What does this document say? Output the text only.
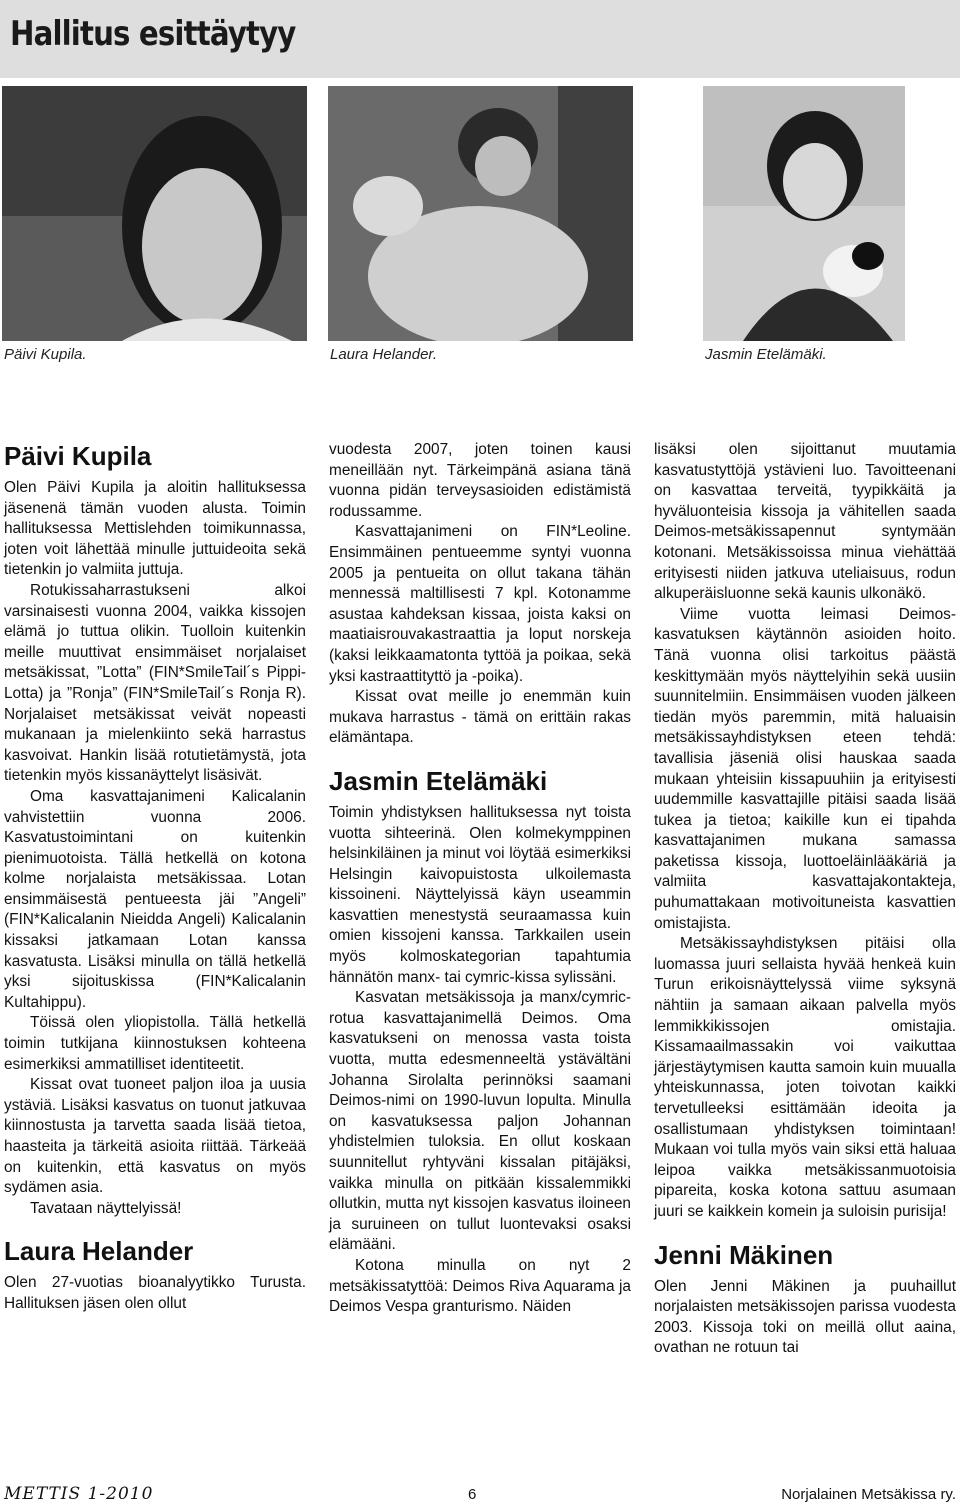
Hallitus esittäytyy
Päivi Kupila.	Laura Helander.	Jasmin Etelämäki.
Päivi Kupila

Olen Päivi Kupila ja aloitin hallituksessa jäsenenä tämän vuoden alusta. Toimin hallituksessa Mettislehden toimikunnassa, joten voit lähettää minulle juttuideoita sekä tietenkin jo valmiita juttuja.

Rotukissaharrastukseni alkoi varsinaisesti vuonna 2004, vaikka kissojen elämä jo tuttua olikin. Tuolloin kuitenkin meille muuttivat ensimmäiset norjalaiset metsäkissat, ”Lotta” (FIN*SmileTail´s Pippi-Lotta) ja ”Ronja” (FIN*SmileTail´s Ronja R). Norjalaiset metsäkissat veivät nopeasti mukanaan ja mielenkiinto sekä harrastus kasvoivat. Hankin lisää rotutietämystä, jota tietenkin myös kissanäyttelyt lisäsivät.

Oma kasvattajanimeni Kalicalanin vahvistettiin vuonna 2006. Kasvatustoimintani on kuitenkin pienimuotoista. Tällä hetkellä on kotona kolme norjalaista metsäkissaa. Lotan ensimmäisestä pentueesta jäi ”Angeli” (FIN*Kalicalanin Nieidda Angeli) Kalicalanin kissaksi jatkamaan Lotan kanssa kasvatusta. Lisäksi minulla on tällä hetkellä yksi sijoituskissa (FIN*Kalicalanin Kultahippu).

Töissä olen yliopistolla. Tällä hetkellä toimin tutkijana kiinnostuksen kohteena esimerkiksi ammatilliset identiteetit.

Kissat ovat tuoneet paljon iloa ja uusia ystäviä. Lisäksi kasvatus on tuonut jatkuvaa kiinnostusta ja tarvetta saada lisää tietoa, haasteita ja tärkeitä asioita riittää. Tärkeää on kuitenkin, että kasvatus on myös sydämen asia.

Tavataan näyttelyissä!

Laura Helander

Olen 27-vuotias bioanalyytikko Turusta. Hallituksen jäsen olen ollut

vuodesta 2007, joten toinen kausi meneillään nyt. Tärkeimpänä asiana tänä vuonna pidän terveysasioiden edistämistä rodussamme.

Kasvattajanimeni on FIN*Leoline. Ensimmäinen pentueemme syntyi vuonna 2005 ja pentueita on ollut takana tähän mennessä maltillisesti 7 kpl. Kotonamme asustaa kahdeksan kissaa, joista kaksi on maatiaisrouvakastraattia ja loput norskeja (kaksi leikkaamatonta tyttöä ja poikaa, sekä yksi kastraattityttö ja -poika).

Kissat ovat meille jo enemmän kuin mukava harrastus - tämä on erittäin rakas elämäntapa.

Jasmin Etelämäki

Toimin yhdistyksen hallituksessa nyt toista vuotta sihteerinä. Olen kolmekymppinen helsinkiläinen ja minut voi löytää esimerkiksi Helsingin kaivopuistosta ulkoilemasta kissoineni. Näyttelyissä käyn useammin kasvattien menestystä seuraamassa kuin omien kissojeni kanssa. Tarkkailen usein myös kolmoskategorian tapahtumia hännätön manx- tai cymric-kissa sylissäni.

Kasvatan metsäkissoja ja manx/cymric-rotua kasvattajanimellä Deimos. Oma kasvatukseni on menossa vasta toista vuotta, mutta edesmenneeltä ystävältäni Johanna Sirolalta perinnöksi saamani Deimos-nimi on 1990-luvun lopulta. Minulla on kasvatuksessa paljon Johannan yhdistelmien tuloksia. En ollut koskaan suunnitellut ryhtyväni kissalan pitäjäksi, vaikka minulla on pitkään kissalemmikki ollutkin, mutta nyt kissojen kasvatus iloineen ja suruineen on tullut luontevaksi osaksi elämääni.

Kotona minulla on nyt 2 metsäkissatyttöä: Deimos Riva Aquarama ja Deimos Vespa granturismo. Näiden

lisäksi olen sijoittanut muutamia kasvatustyttöjä ystävieni luo. Tavoitteenani on kasvattaa terveitä, tyypikkäitä ja hyväluonteisia kissoja ja vähitellen saada Deimos-metsäkissapennut syntymään kotonani. Metsäkissoissa minua viehättää erityisesti niiden jatkuva uteliaisuus, rodun alkuperäisluonne sekä kaunis ulkonäkö.

Viime vuotta leimasi Deimos-kasvatuksen käytännön asioiden hoito. Tänä vuonna olisi tarkoitus päästä keskittymään myös näyttelyihin sekä uusiin suunnitelmiin. Ensimmäisen vuoden jälkeen tiedän myös paremmin, mitä haluaisin metsäkissayhdistyksen eteen tehdä: tavallisia jäseniä olisi hauskaa saada mukaan yhteisiin kissapuuhiin ja erityisesti uudemmille kasvattajille pitäisi saada lisää tukea ja tietoa; kaikille kun ei tipahda kasvattajanimen mukana samassa paketissa kissoja, luottoeläinlääkäriä ja valmiita kasvattajakontakteja, puhumattakaan motivoituneista kasvattien omistajista.

Metsäkissayhdistyksen pitäisi olla luomassa juuri sellaista hyvää henkeä kuin Turun erikoisnäyttelyssä viime syksynä nähtiin ja samaan aikaan palvella myös lemmikkikissojen omistajia. Kissamaailmassakin voi vaikuttaa järjestäytymisen kautta samoin kuin muualla yhteiskunnassa, joten toivotan kaikki tervetulleeksi esittämään ideoita ja osallistumaan yhdistyksen toimintaan! Mukaan voi tulla myös vain siksi että haluaa leipoa vaikka metsäkissanmuotoisia pipareita, koska kotona sattuu asumaan juuri se kaikkein komein ja suloisin purisija!

Jenni Mäkinen

Olen Jenni Mäkinen ja puuhaillut norjalaisten metsäkissojen parissa vuodesta 2003. Kissoja toki on meillä ollut aaina, ovathan ne rotuun tai

METTIS 1-2010	6	Norjalainen Metsäkissa ry.
